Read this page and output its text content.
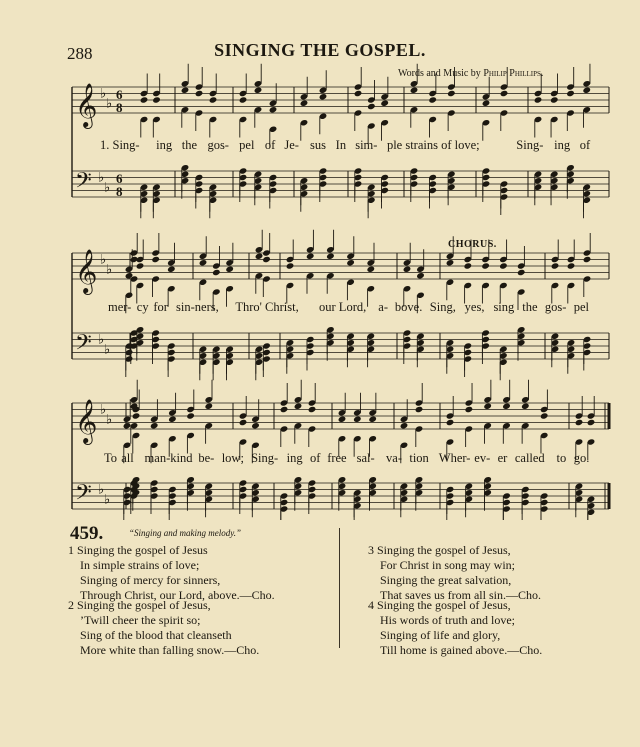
288	SINGING THE GOSPEL.
Words and Music by Philip Phillips.
𝄞 ♭
♭
6
8
𝄢 ♭
♭
6
8
𝄞 ♭
♭
𝄢 ♭
♭
𝄞 ♭
♭
𝄢 ♭
♭
CHORUS.
1. Sing- ing the gos- pel of Je- sus In sim- ple strains of love;	Sing- ing of
mer- cy for sin-ners, Thro' Christ, our Lord, a- bove. Sing, yes, sing the gos- pel
To all man-kind be- low; Sing- ing of free sal- va- tion Wher- ev- er called to go.
459.	“Singing and making melody.”
1 Singing the gospel of Jesus
In simple strains of love;
Singing of mercy for sinners,
Through Christ, our Lord, above.—Cho.
2 Singing the gospel of Jesus,
’Twill cheer the spirit so;
Sing of the blood that cleanseth
More white than falling snow.—Cho.
3 Singing the gospel of Jesus,
For Christ in song may win;
Singing the great salvation,
That saves us from all sin.—Cho.
4 Singing the gospel of Jesus,
His words of truth and love;
Singing of life and glory,
Till home is gained above.—Cho.
